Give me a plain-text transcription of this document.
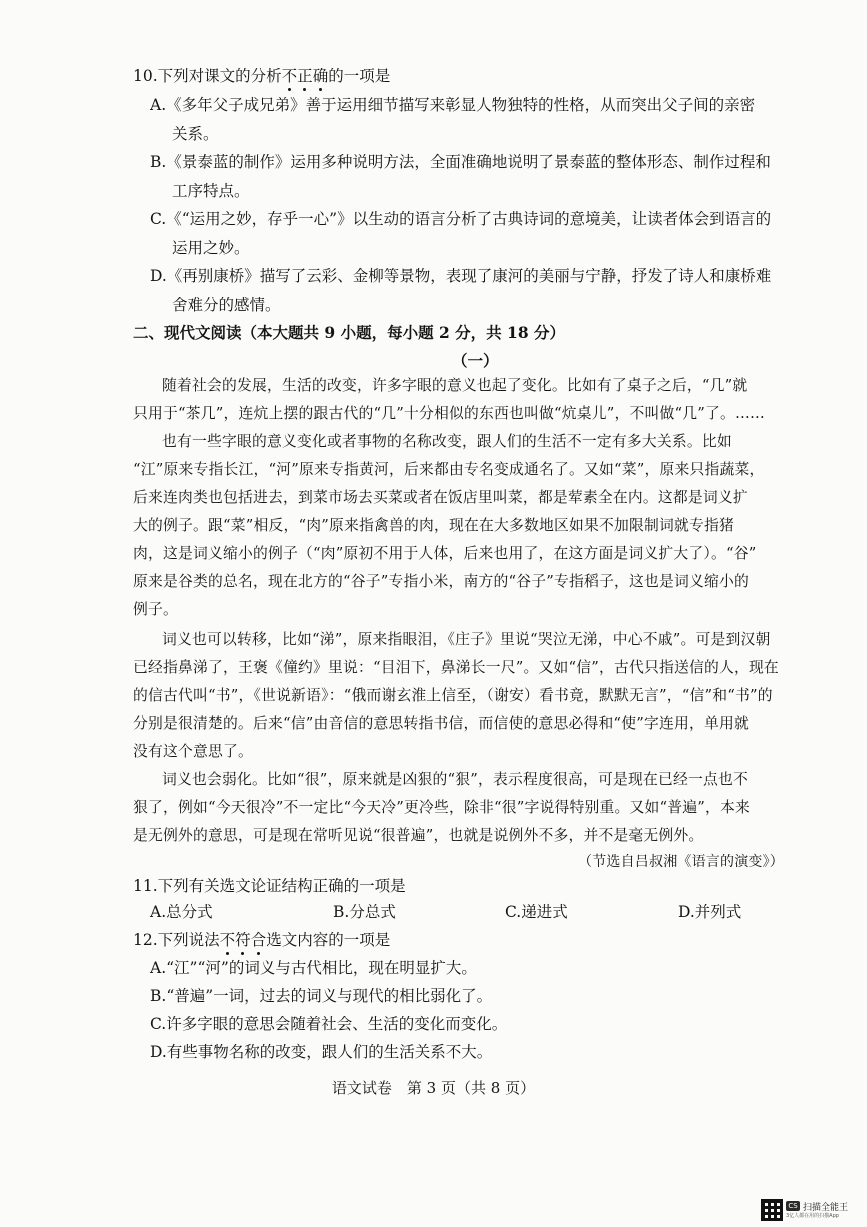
10.下列对课文的分析不正确的一项是
A.《多年父子成兄弟》善于运用细节描写来彰显人物独特的性格，从而突出父子间的亲密
关系。
B.《景泰蓝的制作》运用多种说明方法，全面准确地说明了景泰蓝的整体形态、制作过程和
工序特点。
C.《“运用之妙，存乎一心”》以生动的语言分析了古典诗词的意境美，让读者体会到语言的
运用之妙。
D.《再别康桥》描写了云彩、金柳等景物，表现了康河的美丽与宁静，抒发了诗人和康桥难
舍难分的感情。
二、现代文阅读（本大题共 9 小题，每小题 2 分，共 18 分）
（一）
随着社会的发展，生活的改变，许多字眼的意义也起了变化。比如有了桌子之后，“几”就
只用于“茶几”，连炕上摆的跟古代的“几”十分相似的东西也叫做“炕桌儿”，不叫做“几”了。……
也有一些字眼的意义变化或者事物的名称改变，跟人们的生活不一定有多大关系。比如
“江”原来专指长江，“河”原来专指黄河，后来都由专名变成通名了。又如“菜”，原来只指蔬菜，
后来连肉类也包括进去，到菜市场去买菜或者在饭店里叫菜，都是荤素全在内。这都是词义扩
大的例子。跟“菜”相反，“肉”原来指禽兽的肉，现在在大多数地区如果不加限制词就专指猪
肉，这是词义缩小的例子（“肉”原初不用于人体，后来也用了，在这方面是词义扩大了）。“谷”
原来是谷类的总名，现在北方的“谷子”专指小米，南方的“谷子”专指稻子，这也是词义缩小的
例子。
词义也可以转移，比如“涕”，原来指眼泪，《庄子》里说“哭泣无涕，中心不戚”。可是到汉朝
已经指鼻涕了，王褒《僮约》里说：“目泪下，鼻涕长一尺”。又如“信”，古代只指送信的人，现在
的信古代叫“书”，《世说新语》：“俄而谢玄淮上信至，（谢安）看书竟，默默无言”，“信”和“书”的
分别是很清楚的。后来“信”由音信的意思转指书信，而信使的意思必得和“使”字连用，单用就
没有这个意思了。
词义也会弱化。比如“很”，原来就是凶狠的“狠”，表示程度很高，可是现在已经一点也不
狠了，例如“今天很冷”不一定比“今天冷”更冷些，除非“很”字说得特别重。又如“普遍”，本来
是无例外的意思，可是现在常听见说“很普遍”，也就是说例外不多，并不是毫无例外。
（节选自吕叔湘《语言的演变》）
11.下列有关选文论证结构正确的一项是
A.总分式	B.分总式	C.递进式	D.并列式
12.下列说法不符合选文内容的一项是
A.“江”“河”的词义与古代相比，现在明显扩大。
B.“普遍”一词，过去的词义与现代的相比弱化了。
C.许多字眼的意思会随着社会、生活的变化而变化。
D.有些事物名称的改变，跟人们的生活关系不大。
语文试卷　第 3 页（共 8 页）
CS 扫描全能王
3亿人都在用的扫描App
